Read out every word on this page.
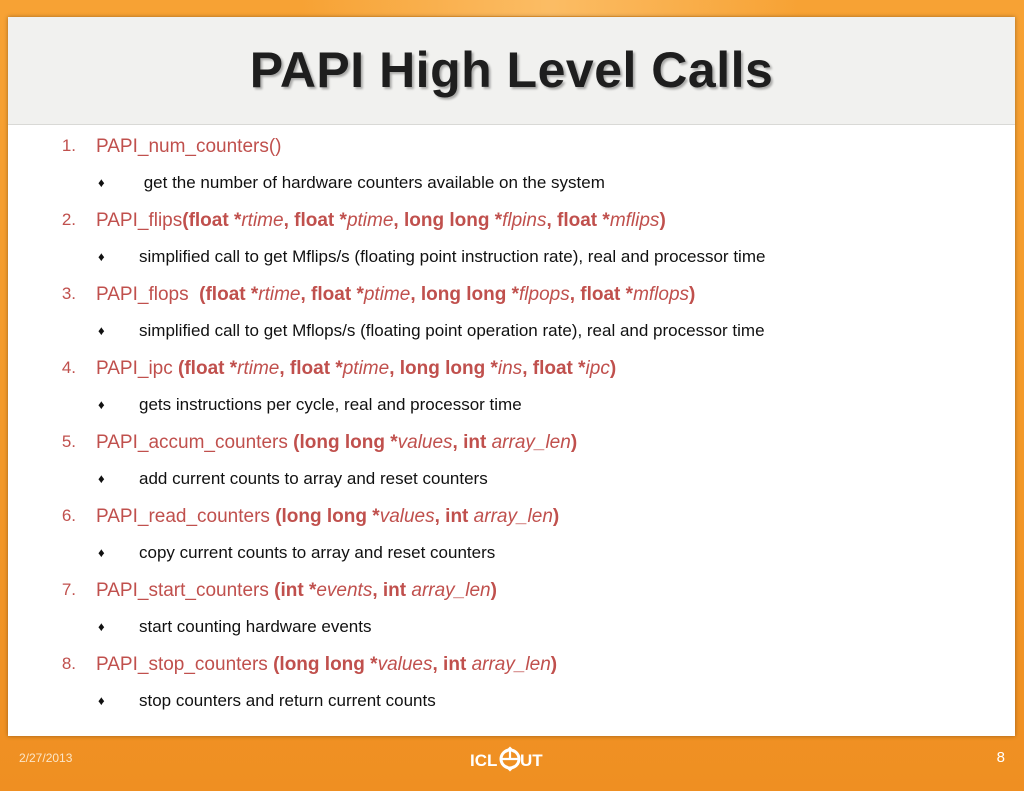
PAPI High Level Calls
1. PAPI_num_counters()
♦ get the number of hardware counters available on the system
2. PAPI_flips(float *rtime, float *ptime, long long *flpins, float *mflips)
♦ simplified call to get Mflips/s (floating point instruction rate), real and processor time
3. PAPI_flops  (float *rtime, float *ptime, long long *flpops, float *mflops)
♦ simplified call to get Mflops/s (floating point operation rate), real and processor time
4. PAPI_ipc (float *rtime, float *ptime, long long *ins, float *ipc)
♦ gets instructions per cycle, real and processor time
5. PAPI_accum_counters (long long *values, int array_len)
♦ add current counts to array and reset counters
6. PAPI_read_counters (long long *values, int array_len)
♦ copy current counts to array and reset counters
7. PAPI_start_counters (int *events, int array_len)
♦ start counting hardware events
8. PAPI_stop_counters (long long *values, int array_len)
♦ stop counters and return current counts
2/27/2013	ICL UT	8
